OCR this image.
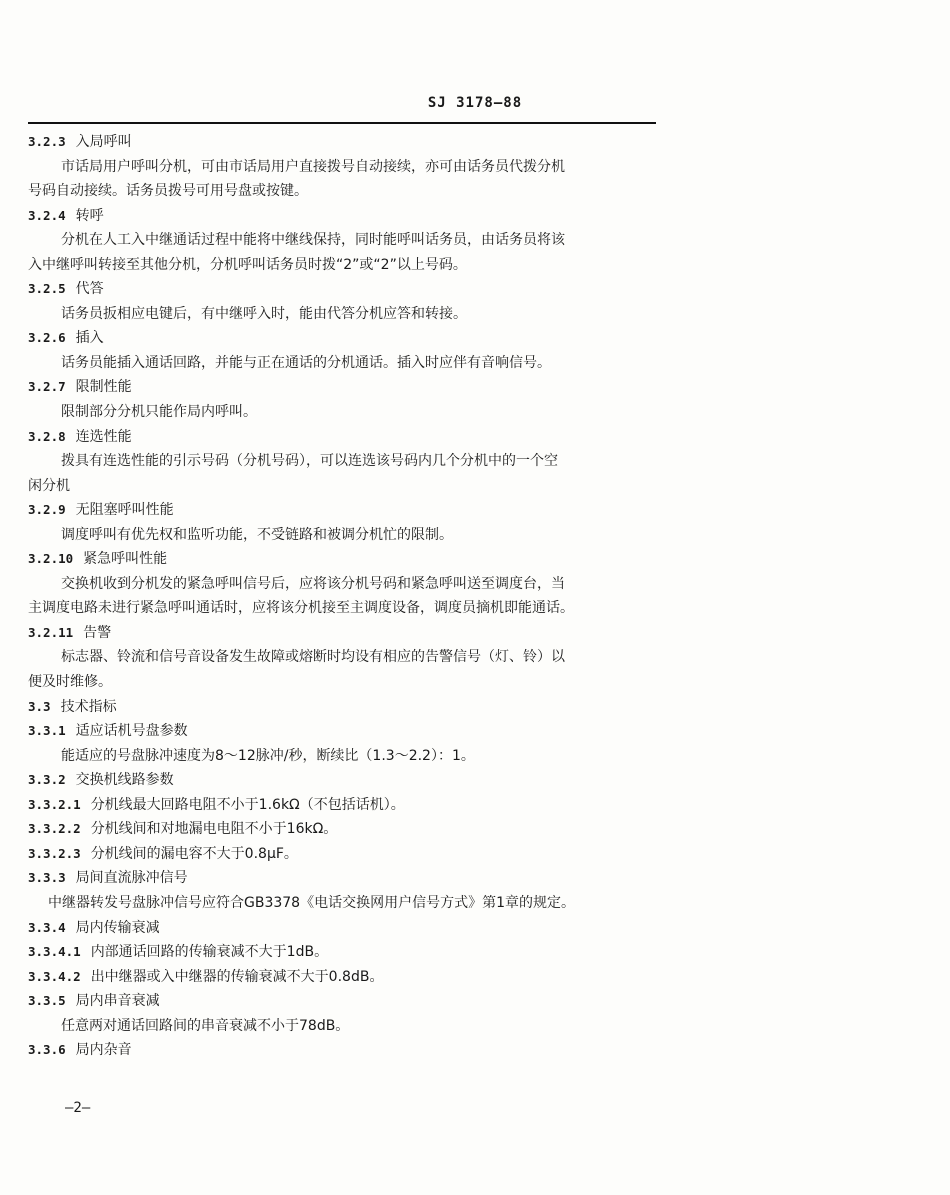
SJ 3178—88
3.2.3 入局呼叫
市话局用户呼叫分机，可由市话局用户直接拨号自动接续，亦可由话务员代拨分机
号码自动接续。话务员拨号可用号盘或按键。
3.2.4 转呼
分机在人工入中继通话过程中能将中继线保持，同时能呼叫话务员，由话务员将该
入中继呼叫转接至其他分机，分机呼叫话务员时拨“2”或“2”以上号码。
3.2.5 代答
话务员扳相应电键后，有中继呼入时，能由代答分机应答和转接。
3.2.6 插入
话务员能插入通话回路，并能与正在通话的分机通话。插入时应伴有音响信号。
3.2.7 限制性能
限制部分分机只能作局内呼叫。
3.2.8 连选性能
拨具有连选性能的引示号码（分机号码），可以连选该号码内几个分机中的一个空
闲分机
3.2.9 无阻塞呼叫性能
调度呼叫有优先权和监听功能，不受链路和被调分机忙的限制。
3.2.10 紧急呼叫性能
交换机收到分机发的紧急呼叫信号后，应将该分机号码和紧急呼叫送至调度台，当
主调度电路未进行紧急呼叫通话时，应将该分机接至主调度设备，调度员摘机即能通话。
3.2.11 告警
标志器、铃流和信号音设备发生故障或熔断时均设有相应的告警信号（灯、铃）以
便及时维修。
3.3 技术指标
3.3.1 适应话机号盘参数
能适应的号盘脉冲速度为8～12脉冲/秒，断续比（1.3～2.2）：1。
3.3.2 交换机线路参数
3.3.2.1 分机线最大回路电阻不小于1.6kΩ（不包括话机）。
3.3.2.2 分机线间和对地漏电电阻不小于16kΩ。
3.3.2.3 分机线间的漏电容不大于0.8μF。
3.3.3 局间直流脉冲信号
中继器转发号盘脉冲信号应符合GB3378《电话交换网用户信号方式》第1章的规定。
3.3.4 局内传输衰减
3.3.4.1 内部通话回路的传输衰减不大于1dB。
3.3.4.2 出中继器或入中继器的传输衰减不大于0.8dB。
3.3.5 局内串音衰减
任意两对通话回路间的串音衰减不小于78dB。
3.3.6 局内杂音
—2—
